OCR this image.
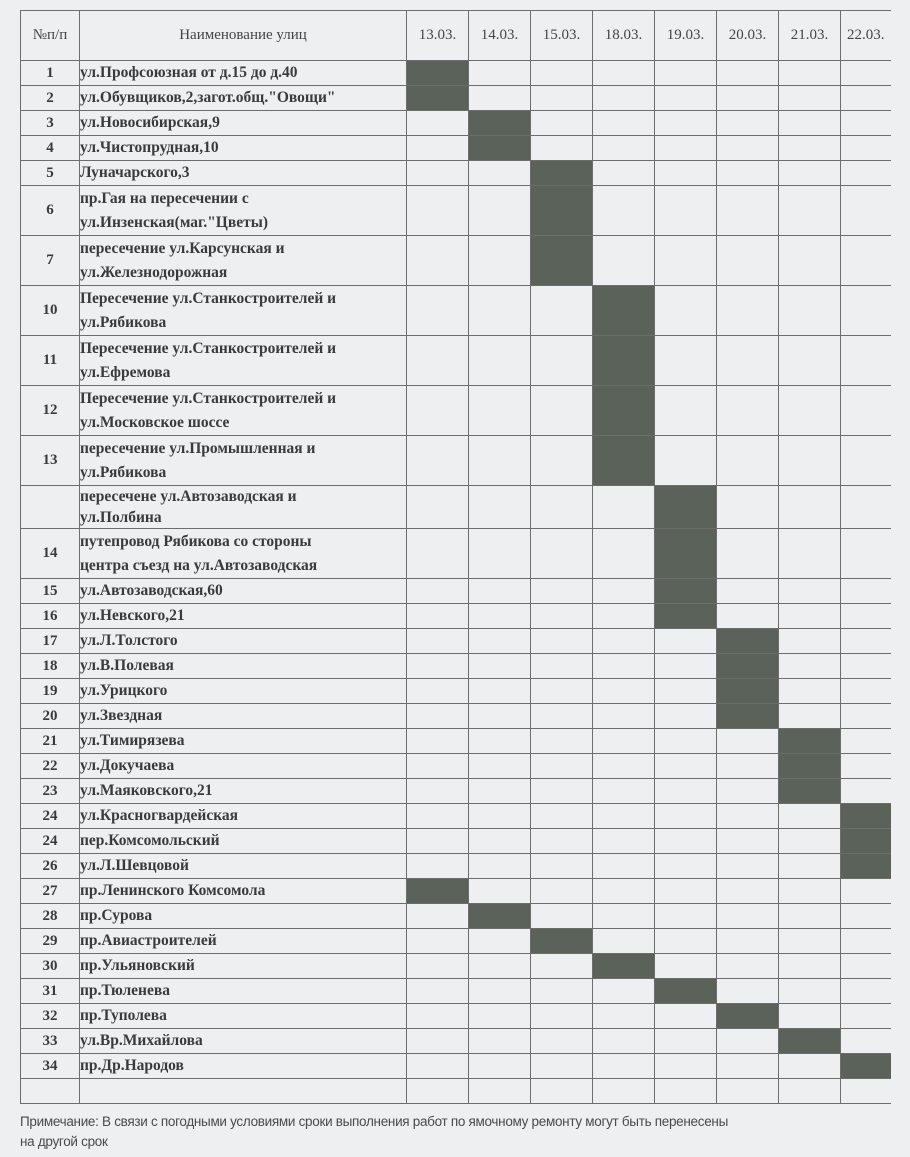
№п/п	Наименование улиц	13.03.	14.03.	15.03.	18.03.	19.03.	20.03.	21.03.	22.03.
1	ул.Профсоюзная от д.15 до д.40								

2	ул.Обувщиков,2,загот.общ."Овощи"								

3	ул.Новосибирская,9								

4	ул.Чистопрудная,10								

5	Луначарского,3								

6	пр.Гая на пересечении с
ул.Инзенская(маг."Цветы)								

7	пересечение ул.Карсунская и
ул.Железнодорожная								

10	Пересечение ул.Станкостроителей и
ул.Рябикова								

11	Пересечение ул.Станкостроителей и
ул.Ефремова								

12	Пересечение ул.Станкостроителей и
ул.Московское шоссе								

13	пересечение ул.Промышленная и
ул.Рябикова								

	пересечене ул.Автозаводская и
ул.Полбина								

14	путепровод Рябикова со стороны
центра съезд на ул.Автозаводская								

15	ул.Автозаводская,60								

16	ул.Невского,21								

17	ул.Л.Толстого								

18	ул.В.Полевая								

19	ул.Урицкого								

20	ул.Звездная								

21	ул.Тимирязева								

22	ул.Докучаева								

23	ул.Маяковского,21								

24	ул.Красногвардейская								

24	пер.Комсомольский								

26	ул.Л.Шевцовой								

27	пр.Ленинского Комсомола								

28	пр.Сурова								

29	пр.Авиастроителей								

30	пр.Ульяновский								

31	пр.Тюленева								

32	пр.Туполева								

33	ул.Вр.Михайлова								

34	пр.Др.Народов								

Примечание: В связи с погодными условиями сроки выполнения работ по ямочному ремонту могут быть перенесены
на другой срок
